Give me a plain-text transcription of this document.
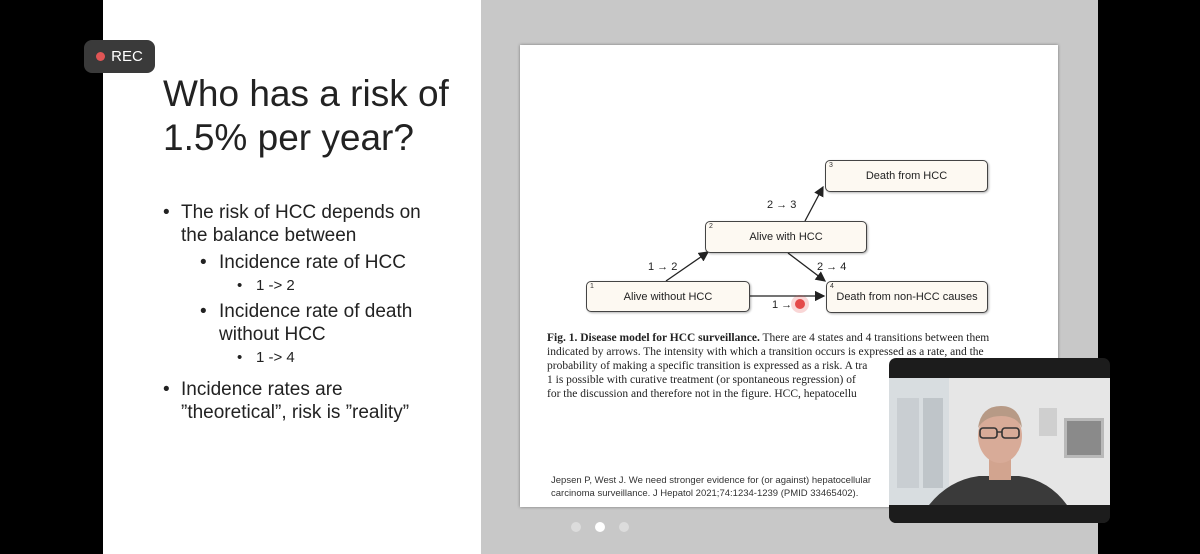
REC
Who has a risk of 1.5% per year?
• The risk of HCC depends on the balance between
• Incidence rate of HCC
• 1 -> 2
• Incidence rate of death without HCC
• 1 -> 4
• Incidence rates are ”theoretical”, risk is ”reality”
1
Alive without HCC
2
Alive with HCC
3
Death from HCC
4
Death from non-HCC causes
1 → 2
2 → 3
2 → 4
1 →
Fig. 1. Disease model for HCC surveillance. There are 4 states and 4 transitions between them
indicated by arrows. The intensity with which a transition occurs is expressed as a rate, and the
probability of making a specific transition is expressed as a risk. A tra
1 is possible with curative treatment (or spontaneous regression) of
for the discussion and therefore not in the figure. HCC, hepatocellu
Jepsen P, West J. We need stronger evidence for (or against) hepatocellular
carcinoma surveillance. J Hepatol 2021;74:1234-1239 (PMID 33465402).
